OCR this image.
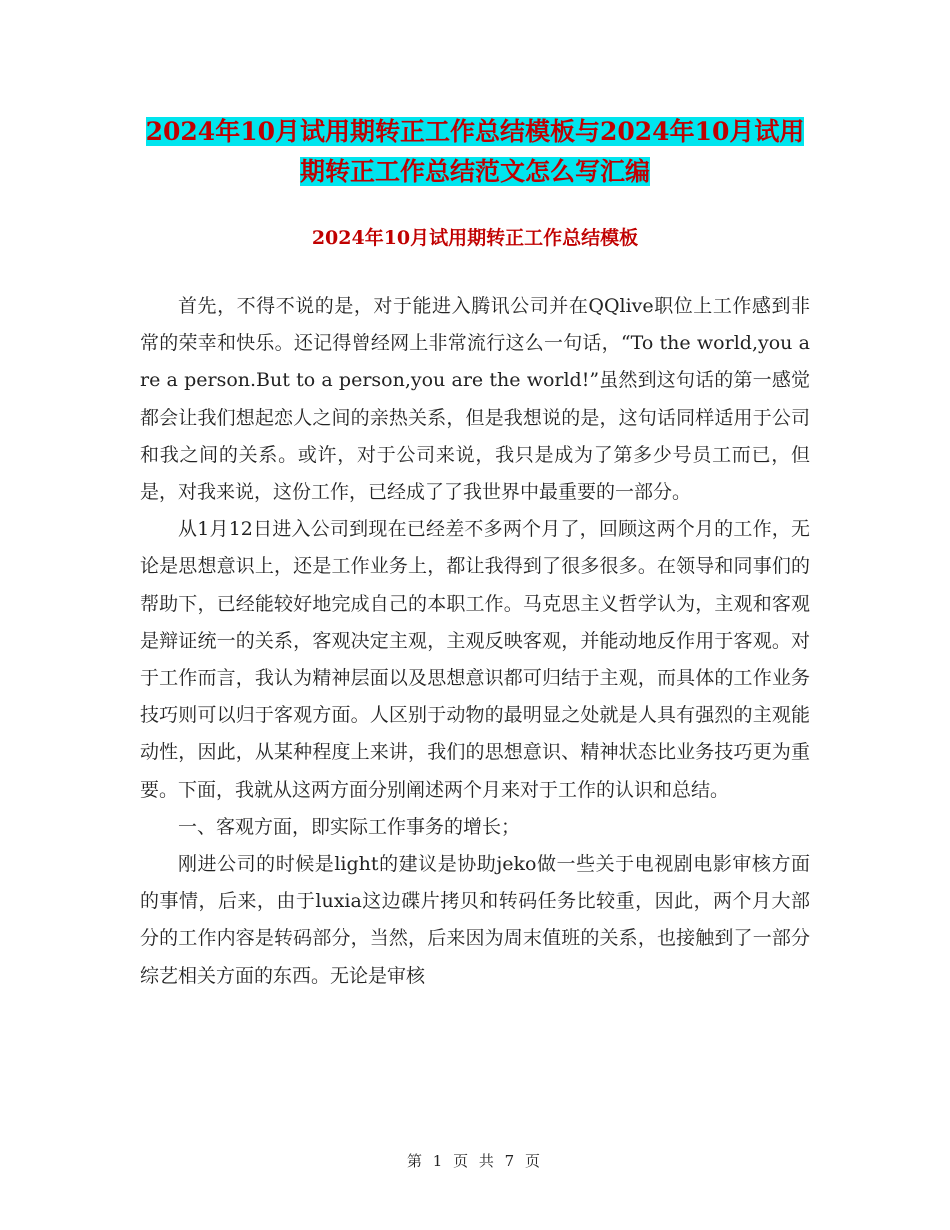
2024年10月试用期转正工作总结模板与2024年10月试用期转正工作总结范文怎么写汇编
2024年10月试用期转正工作总结模板

首先，不得不说的是，对于能进入腾讯公司并在QQlive职位上工作感到非常的荣幸和快乐。还记得曾经网上非常流行这么一句话，“To the world,you are a person.But to a person,you are the world!”虽然到这句话的第一感觉都会让我们想起恋人之间的亲热关系，但是我想说的是，这句话同样适用于公司和我之间的关系。或许，对于公司来说，我只是成为了第多少号员工而已，但是，对我来说，这份工作，已经成了了我世界中最重要的一部分。

从1月12日进入公司到现在已经差不多两个月了，回顾这两个月的工作，无论是思想意识上，还是工作业务上，都让我得到了很多很多。在领导和同事们的帮助下，已经能较好地完成自己的本职工作。马克思主义哲学认为，主观和客观是辩证统一的关系，客观决定主观，主观反映客观，并能动地反作用于客观。对于工作而言，我认为精神层面以及思想意识都可归结于主观，而具体的工作业务技巧则可以归于客观方面。人区别于动物的最明显之处就是人具有强烈的主观能动性，因此，从某种程度上来讲，我们的思想意识、精神状态比业务技巧更为重要。下面，我就从这两方面分别阐述两个月来对于工作的认识和总结。

一、客观方面，即实际工作事务的增长；

刚进公司的时候是light的建议是协助jeko做一些关于电视剧电影审核方面的事情，后来，由于luxia这边碟片拷贝和转码任务比较重，因此，两个月大部分的工作内容是转码部分，当然，后来因为周末值班的关系，也接触到了一部分综艺相关方面的东西。无论是审核

第 1 页 共 7 页
